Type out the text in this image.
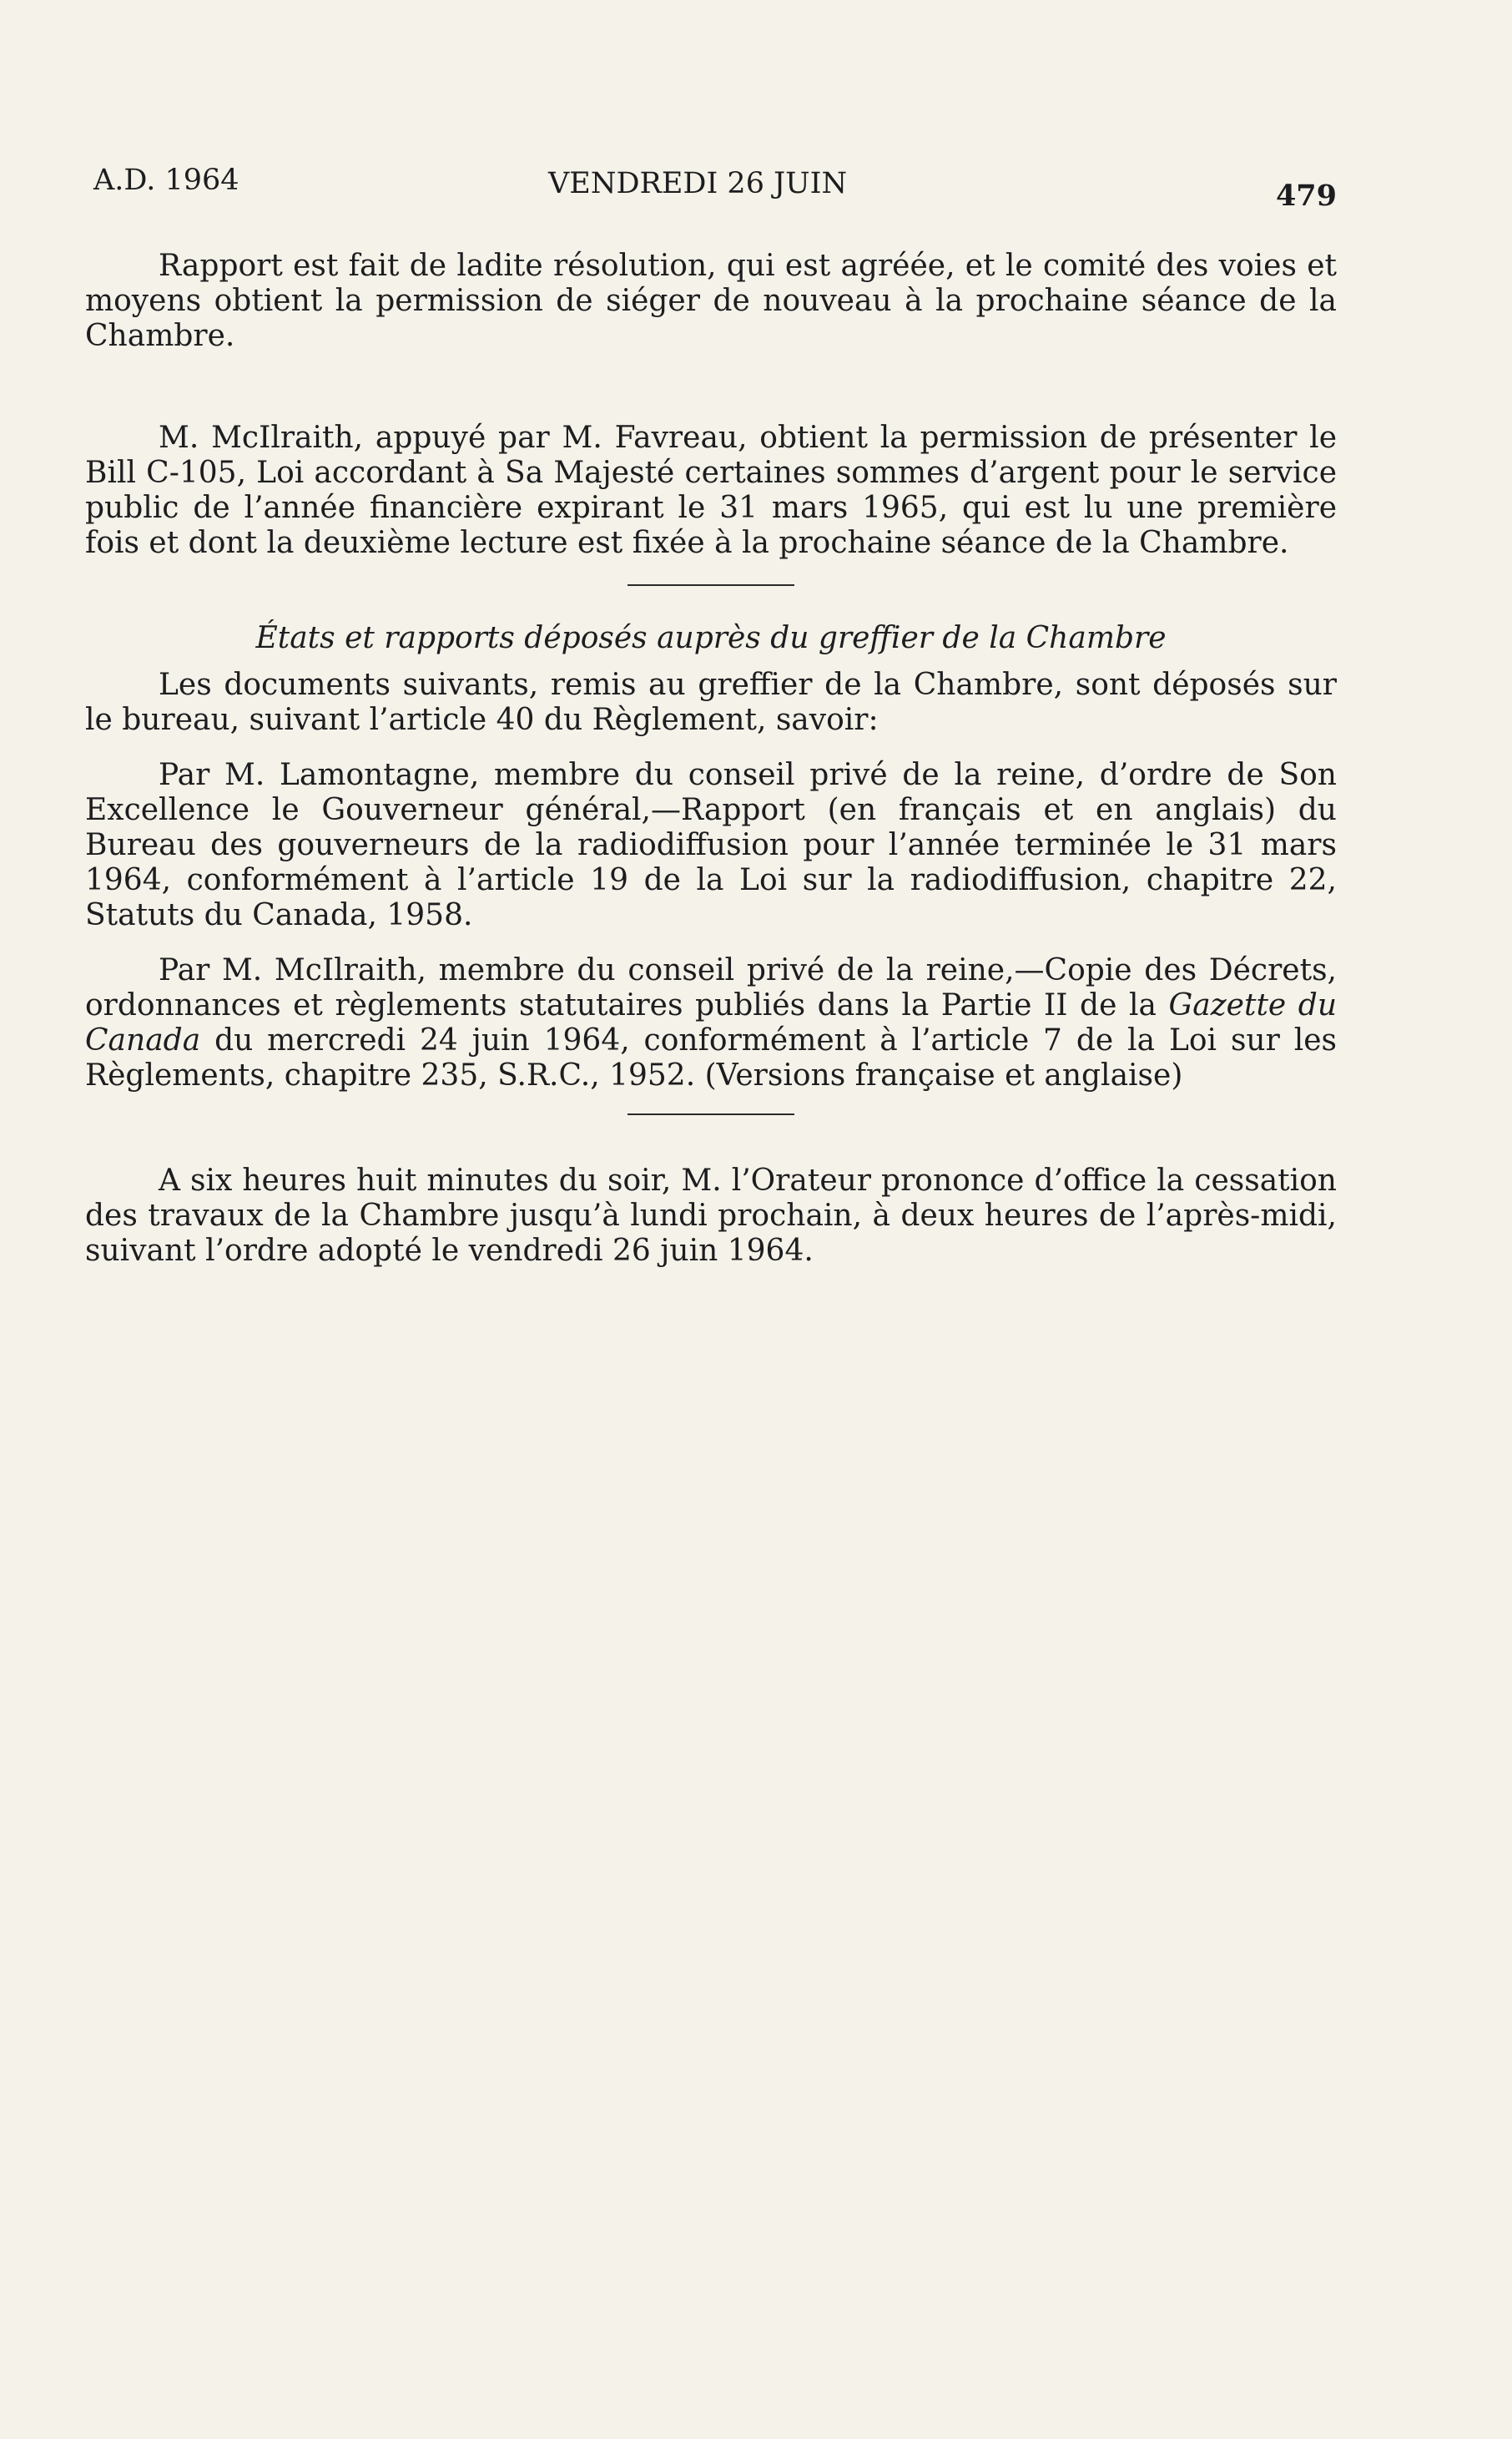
A.D. 1964	VENDREDI 26 JUIN	479

Rapport est fait de ladite résolution, qui est agréée, et le comité des voies et moyens obtient la permission de siéger de nouveau à la prochaine séance de la Chambre.

M. McIlraith, appuyé par M. Favreau, obtient la permission de présenter le Bill C-105, Loi accordant à Sa Majesté certaines sommes d’argent pour le service public de l’année financière expirant le 31 mars 1965, qui est lu une première fois et dont la deuxième lecture est fixée à la prochaine séance de la Chambre.

États et rapports déposés auprès du greffier de la Chambre

Les documents suivants, remis au greffier de la Chambre, sont déposés sur le bureau, suivant l’article 40 du Règlement, savoir:

Par M. Lamontagne, membre du conseil privé de la reine, d’ordre de Son Excellence le Gouverneur général,—Rapport (en français et en anglais) du Bureau des gouverneurs de la radiodiffusion pour l’année terminée le 31 mars 1964, conformément à l’article 19 de la Loi sur la radiodiffusion, chapitre 22, Statuts du Canada, 1958.

Par M. McIlraith, membre du conseil privé de la reine,—Copie des Décrets, ordonnances et règlements statutaires publiés dans la Partie II de la Gazette du Canada du mercredi 24 juin 1964, conformément à l’article 7 de la Loi sur les Règlements, chapitre 235, S.R.C., 1952. (Versions française et anglaise)

A six heures huit minutes du soir, M. l’Orateur prononce d’office la cessation des travaux de la Chambre jusqu’à lundi prochain, à deux heures de l’après-midi, suivant l’ordre adopté le vendredi 26 juin 1964.
